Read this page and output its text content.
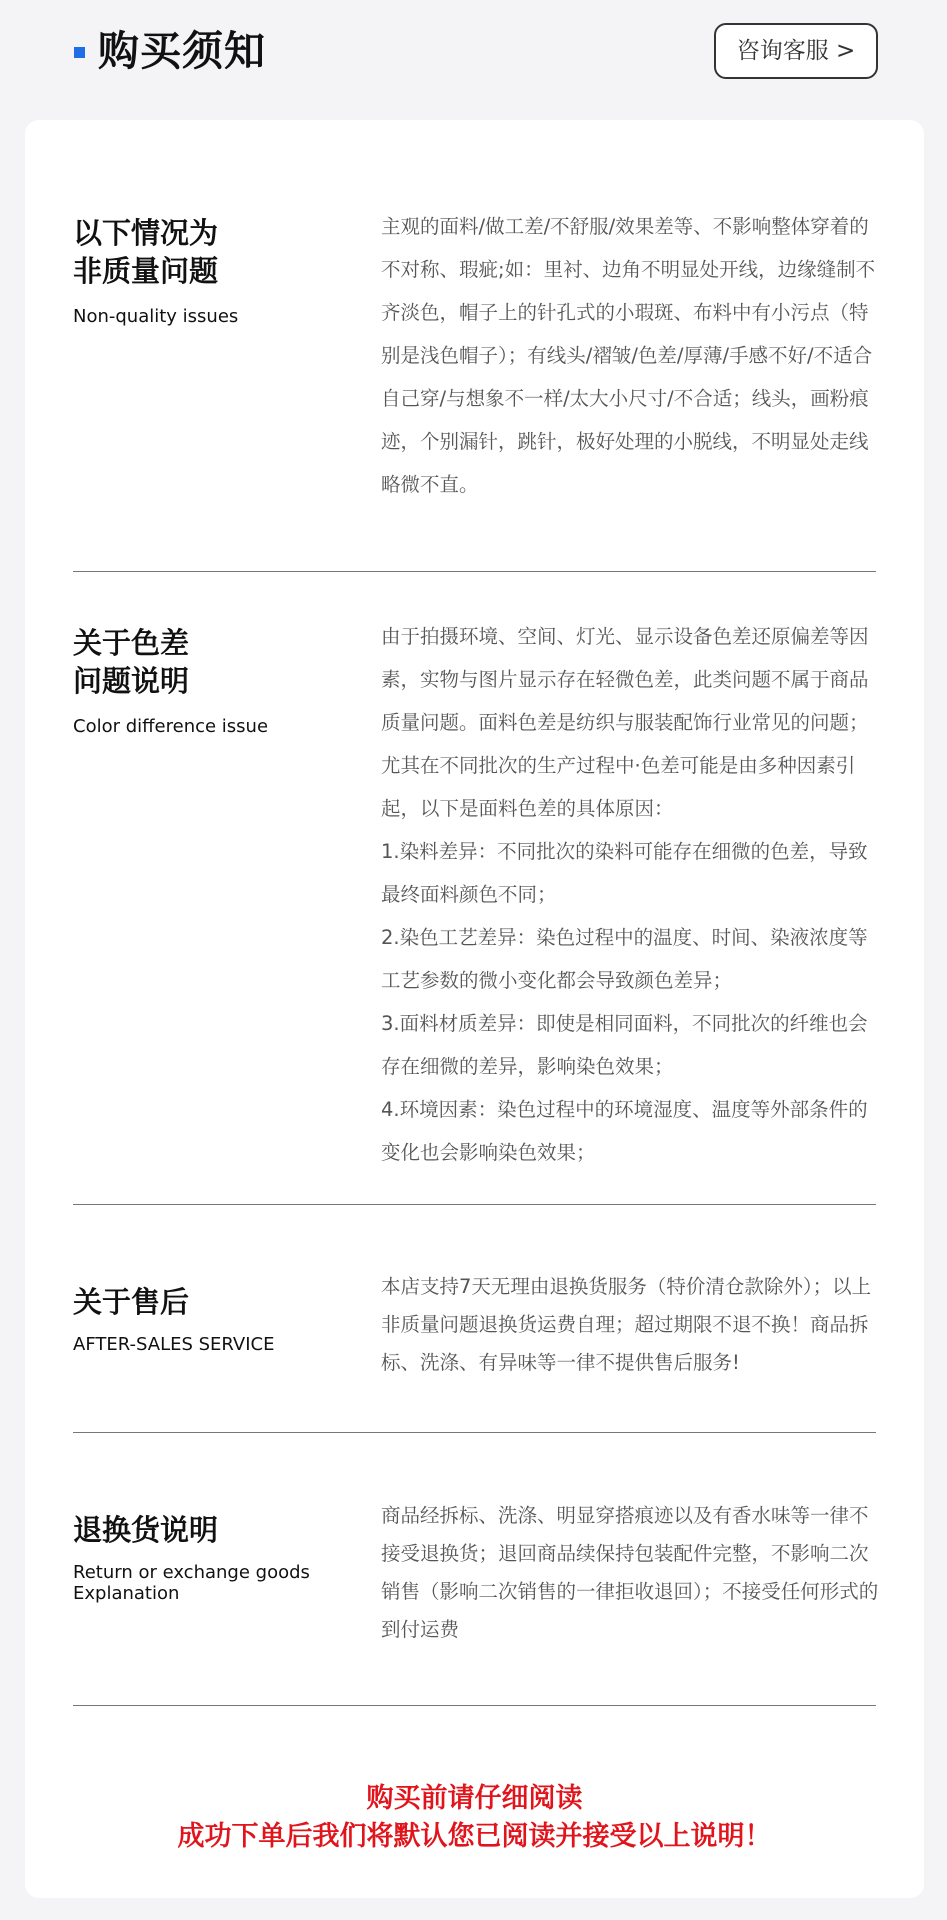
购买须知	咨询客服 >
以下情况为
非质量问题
Non-quality issues

主观的面料/做工差/不舒服/效果差等、不影响整体穿着的不对称、瑕疵;如：里衬、边角不明显处开线，边缘缝制不齐淡色，帽子上的针孔式的小瑕斑、布料中有小污点（特别是浅色帽子）；有线头/褶皱/色差/厚薄/手感不好/不适合自己穿/与想象不一样/太大小尺寸/不合适；线头，画粉痕迹，个别漏针，跳针，极好处理的小脱线，不明显处走线略微不直。

关于色差
问题说明
Color difference issue

由于拍摄环境、空间、灯光、显示设备色差还原偏差等因素，实物与图片显示存在轻微色差，此类问题不属于商品质量问题。面料色差是纺织与服装配饰行业常见的问题；尤其在不同批次的生产过程中·色差可能是由多种因素引起，以下是面料色差的具体原因：

1.染料差异：不同批次的染料可能存在细微的色差，导致最终面料颜色不同；

2.染色工艺差异：染色过程中的温度、时间、染液浓度等工艺参数的微小变化都会导致颜色差异；

3.面料材质差异：即使是相同面料，不同批次的纤维也会存在细微的差异，影响染色效果；

4.环境因素：染色过程中的环境湿度、温度等外部条件的变化也会影响染色效果；

关于售后
AFTER-SALES SERVICE

本店支持7天无理由退换货服务（特价清仓款除外）；以上非质量问题退换货运费自理；超过期限不退不换！商品拆标、洗涤、有异味等一律不提供售后服务!

退换货说明
Return or exchange goods
Explanation

商品经拆标、洗涤、明显穿搭痕迹以及有香水味等一律不接受退换货；退回商品续保持包装配件完整，不影响二次销售（影响二次销售的一律拒收退回）；不接受任何形式的到付运费

购买前请仔细阅读
成功下单后我们将默认您已阅读并接受以上说明！
